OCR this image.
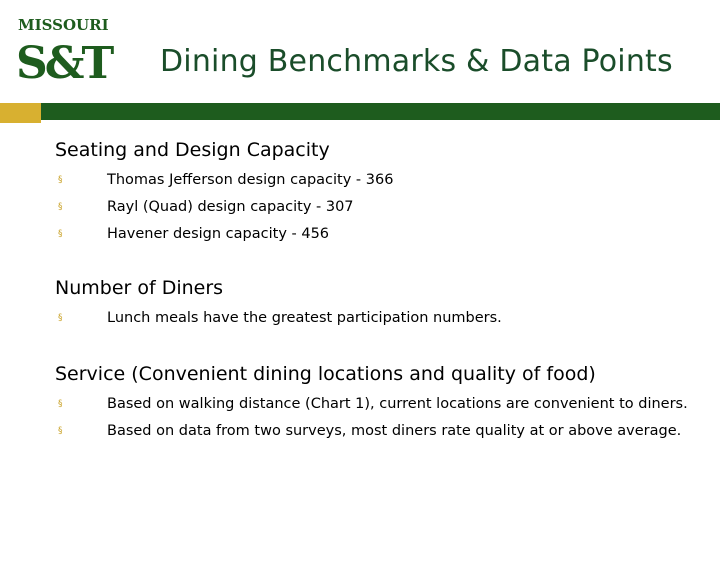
MISSOURI
S&T Dining Benchmarks & Data Points
Seating and Design Capacity
§	Thomas Jefferson design capacity - 366
§	Rayl (Quad) design capacity - 307
§	Havener design capacity - 456
Number of Diners
§	Lunch meals have the greatest participation numbers.
Service (Convenient dining locations and quality of food)
§	Based on walking distance (Chart 1), current locations are convenient to diners.
§	Based on data from two surveys, most diners rate quality at or above average.
